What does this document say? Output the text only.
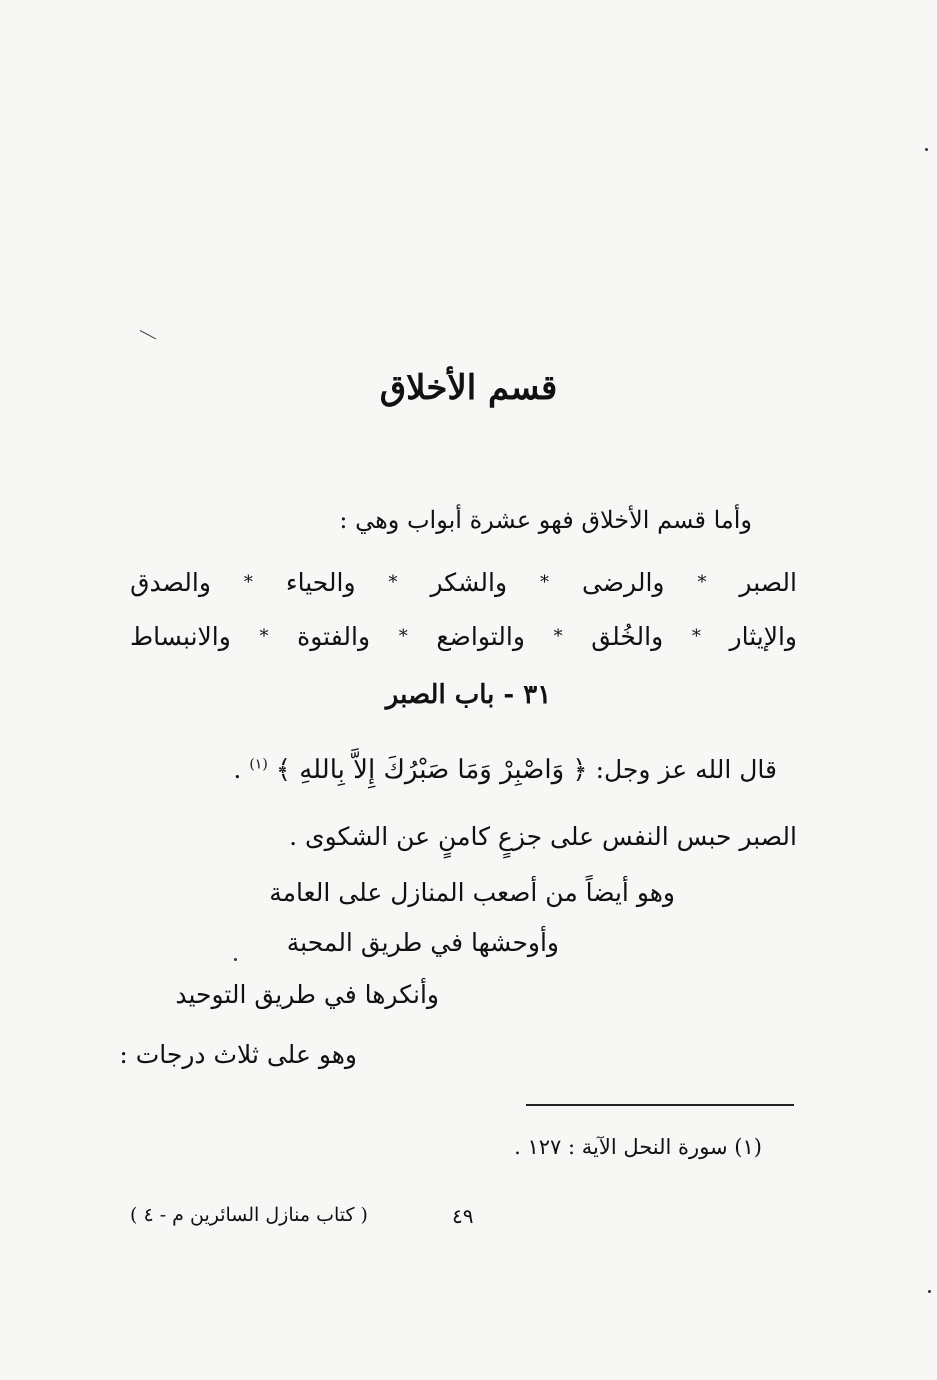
قسم الأخلاق
وأما قسم الأخلاق فهو عشرة أبواب وهي :
الصبر
*
والرضى
*
والشكر
*
والحياء
*
والصدق
والإيثار
*
والخُلق
*
والتواضع
*
والفتوة
*
والانبساط
٣١ - باب الصبر
قال الله عز وجل: ﴿ وَاصْبِرْ وَمَا صَبْرُكَ إِلاَّ بِاللهِ ﴾ $^{(١)}$ .
الصبر حبس النفس على جزعٍ كامنٍ عن الشكوى .
وهو أيضاً من أصعب المنازل على العامة
وأوحشها في طريق المحبة
وأنكرها في طريق التوحيد
وهو على ثلاث درجات :
(١) سورة النحل الآية : ١٢٧ .
٤٩
( كتاب منازل السائرين م - ٤ )
